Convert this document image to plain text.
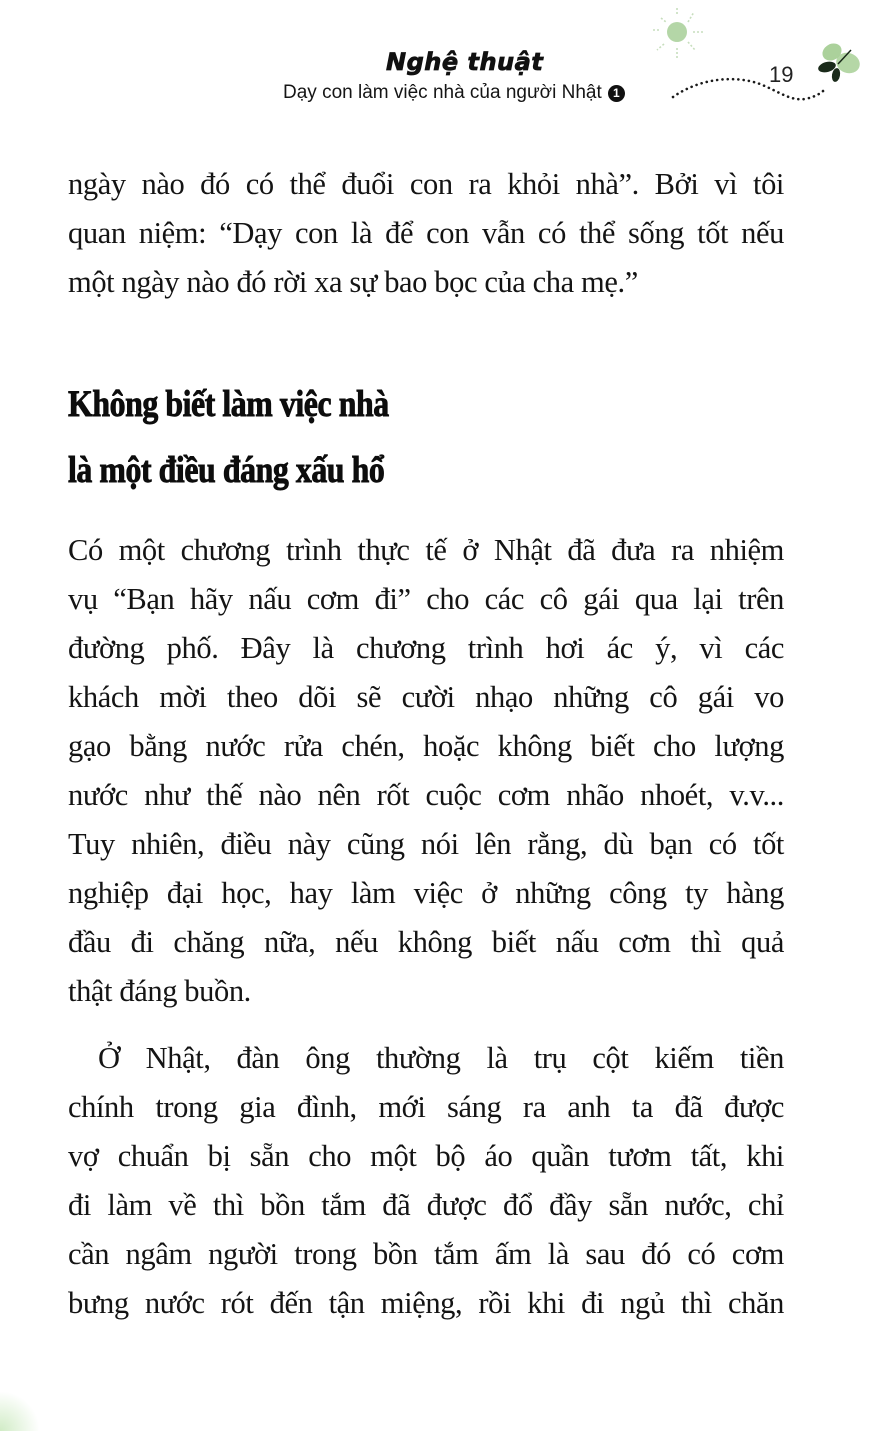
Nghệ thuật
Dạy con làm việc nhà của người Nhật 1
19
ngày nào đó có thể đuổi con ra khỏi nhà”. Bởi vì tôi
quan niệm: “Dạy con là để con vẫn có thể sống tốt nếu
một ngày nào đó rời xa sự bao bọc của cha mẹ.”
Không biết làm việc nhà
là một điều đáng xấu hổ
Có một chương trình thực tế ở Nhật đã đưa ra nhiệm
vụ “Bạn hãy nấu cơm đi” cho các cô gái qua lại trên
đường phố. Đây là chương trình hơi ác ý, vì các
khách mời theo dõi sẽ cười nhạo những cô gái vo
gạo bằng nước rửa chén, hoặc không biết cho lượng
nước như thế nào nên rốt cuộc cơm nhão nhoét, v.v...
Tuy nhiên, điều này cũng nói lên rằng, dù bạn có tốt
nghiệp đại học, hay làm việc ở những công ty hàng
đầu đi chăng nữa, nếu không biết nấu cơm thì quả
thật đáng buồn.
Ở Nhật, đàn ông thường là trụ cột kiếm tiền
chính trong gia đình, mới sáng ra anh ta đã được
vợ chuẩn bị sẵn cho một bộ áo quần tươm tất, khi
đi làm về thì bồn tắm đã được đổ đầy sẵn nước, chỉ
cần ngâm người trong bồn tắm ấm là sau đó có cơm
bưng nước rót đến tận miệng, rồi khi đi ngủ thì chăn
